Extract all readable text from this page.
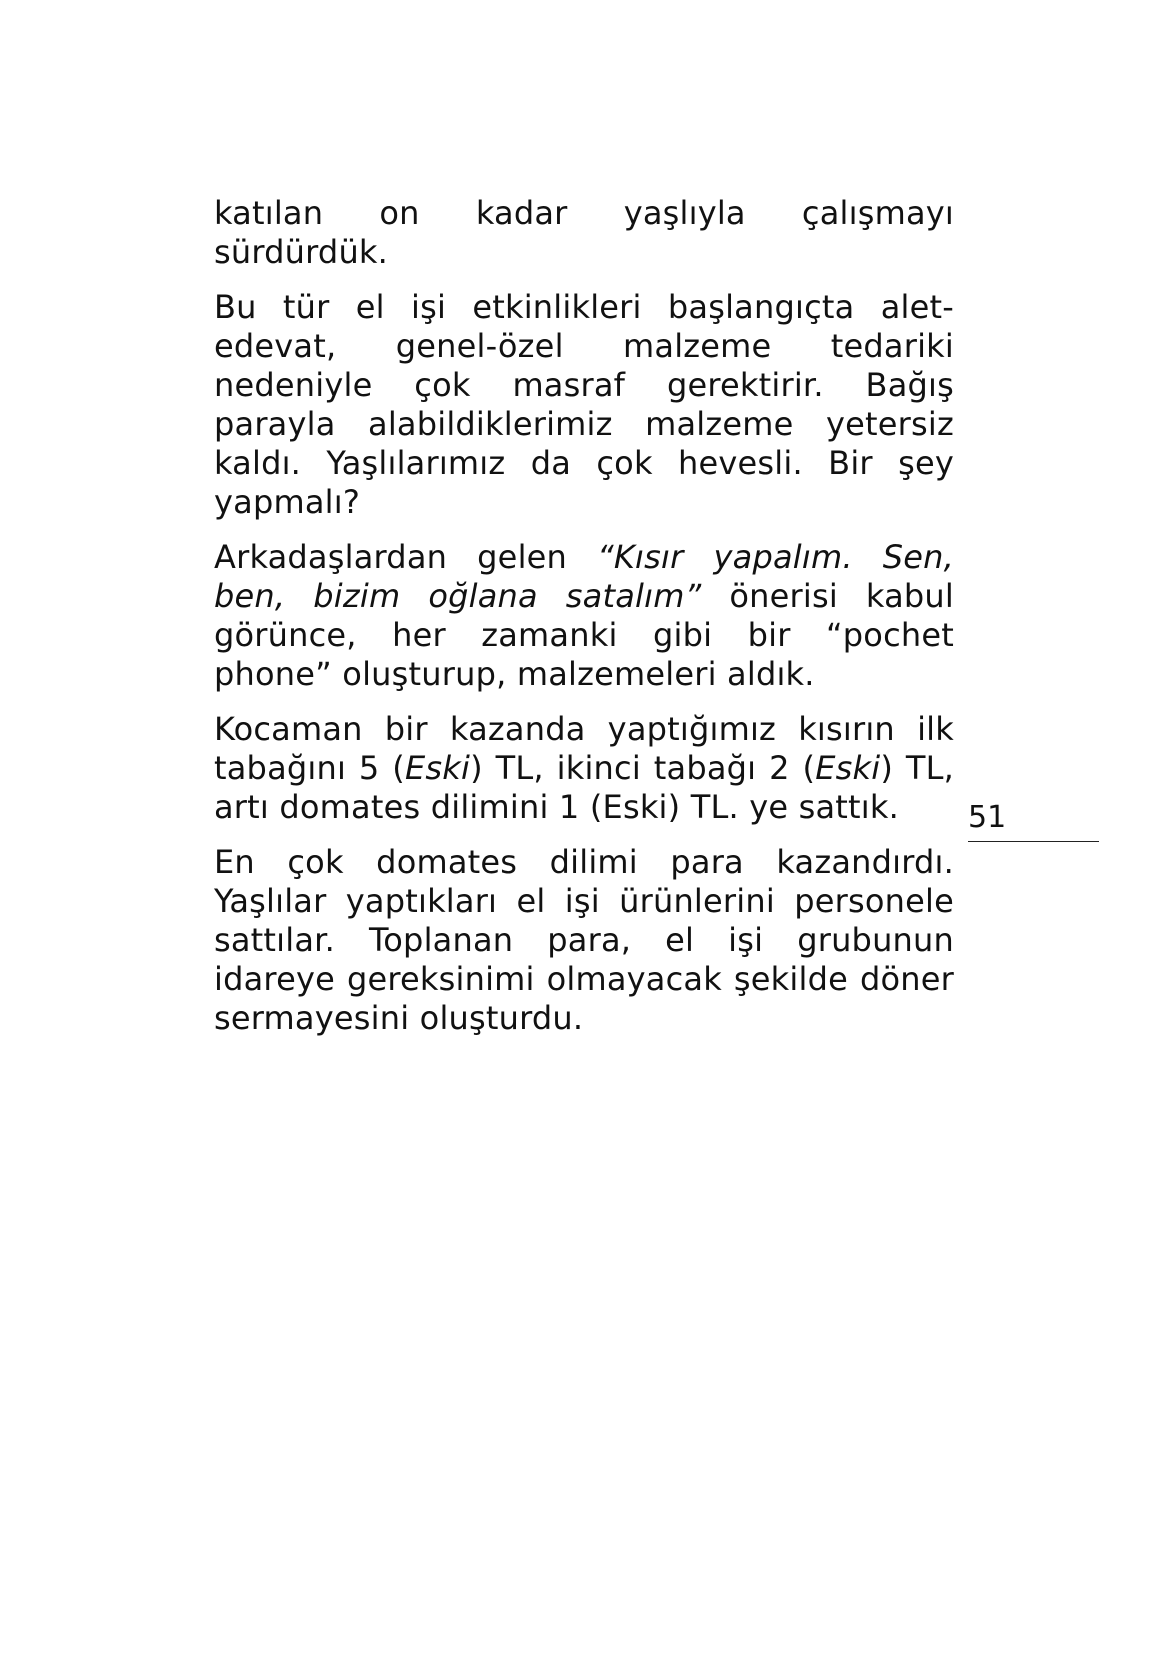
katılan on kadar yaşlıyla çalışmayı sürdürdük.

Bu tür el işi etkinlikleri başlangıçta alet-edevat, genel-özel malzeme tedariki nedeniyle çok masraf gerektirir. Bağış parayla alabildiklerimiz malzeme yetersiz kaldı. Yaşlılarımız da çok hevesli. Bir şey yapmalı?

Arkadaşlardan gelen “Kısır yapalım. Sen, ben, bizim oğlana satalım” önerisi kabul görünce, her zamanki gibi bir “pochet phone” oluşturup, malzemeleri aldık.

Kocaman bir kazanda yaptığımız kısırın ilk tabağını 5 (Eski) TL, ikinci tabağı 2 (Eski) TL, artı domates dilimini 1 (Eski) TL. ye sattık.

En çok domates dilimi para kazandırdı. Yaşlılar yaptıkları el işi ürünlerini personele sattılar. Toplanan para, el işi grubunun idareye gereksinimi olmayacak şekilde döner sermayesini oluşturdu.

51
